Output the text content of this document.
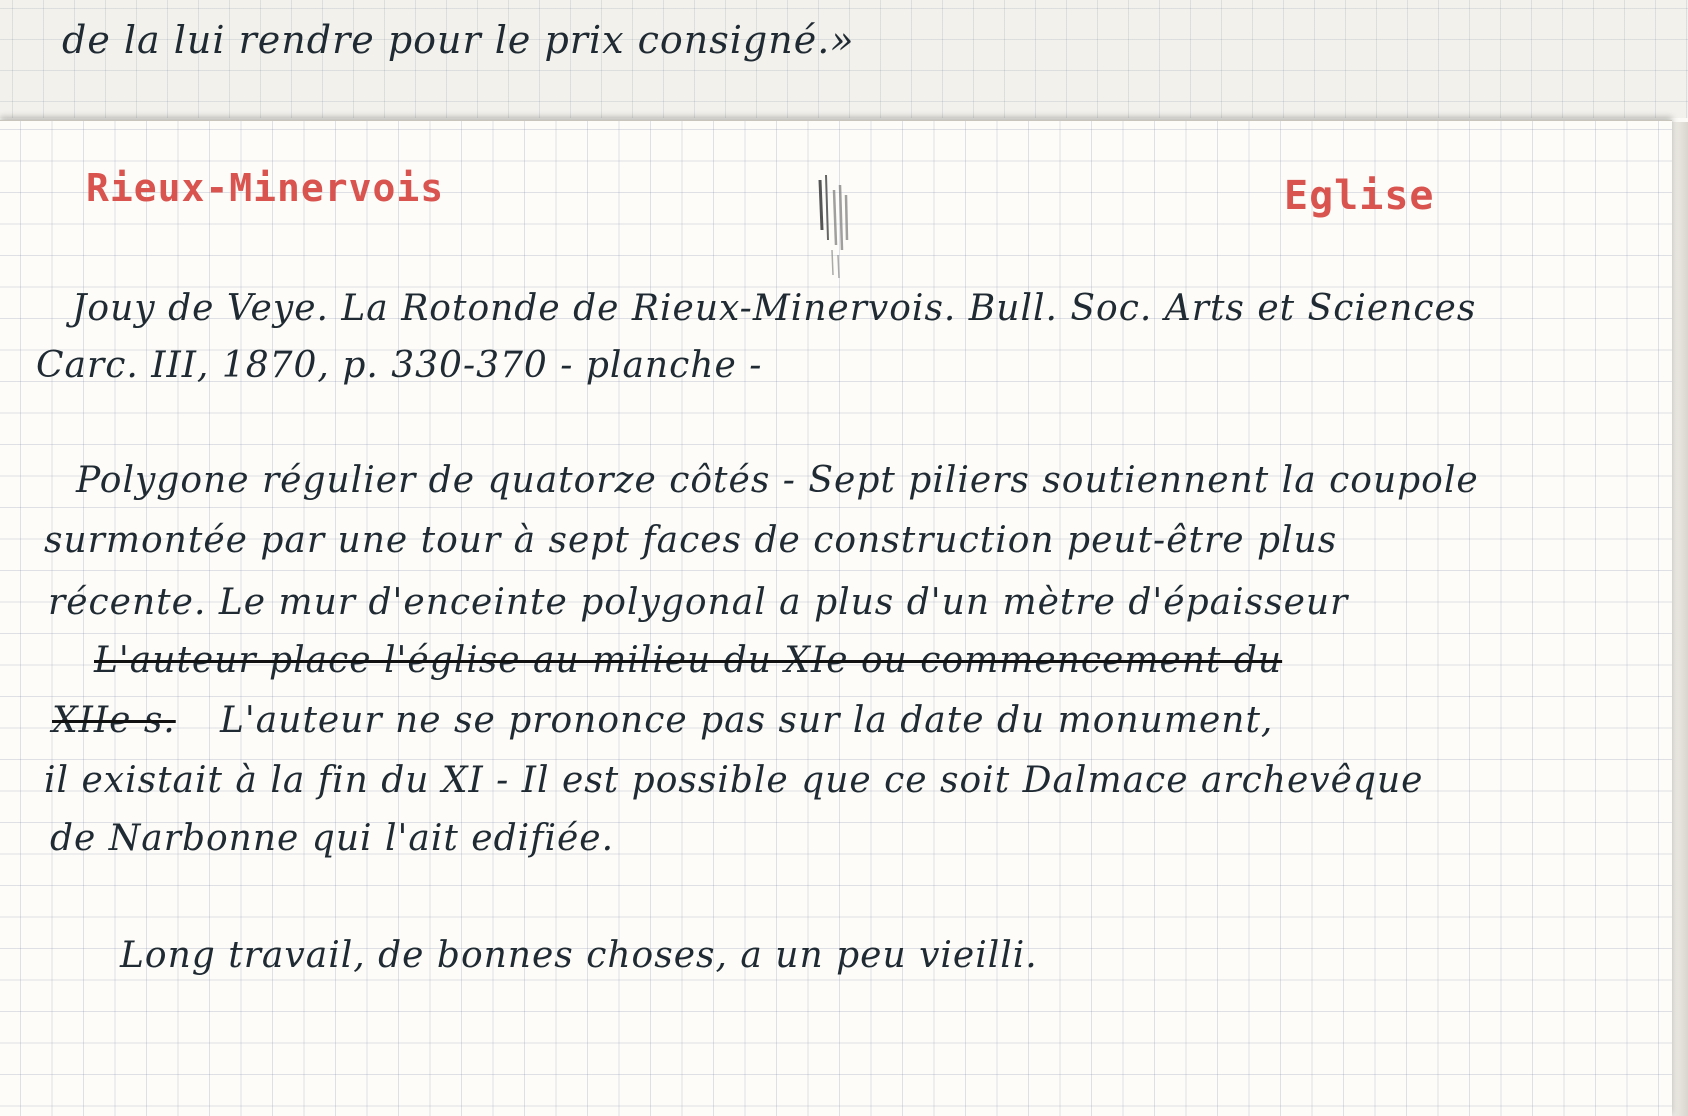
de la lui rendre pour le prix consigné.»
Rieux-Minervois	Eglise
Jouy de Veye. La Rotonde de Rieux-Minervois. Bull. Soc. Arts et Sciences
Carc. III, 1870, p. 330-370 - planche -
Polygone régulier de quatorze côtés - Sept piliers soutiennent la coupole
surmontée par une tour à sept faces de construction peut-être plus
récente. Le mur d'enceinte polygonal a plus d'un mètre d'épaisseur
L'auteur place l'église au milieu du XIe ou commencement du
XIIe s. L'auteur ne se prononce pas sur la date du monument,
il existait à la fin du XI - Il est possible que ce soit Dalmace archevêque
de Narbonne qui l'ait edifiée.
Long travail, de bonnes choses, a un peu vieilli.
